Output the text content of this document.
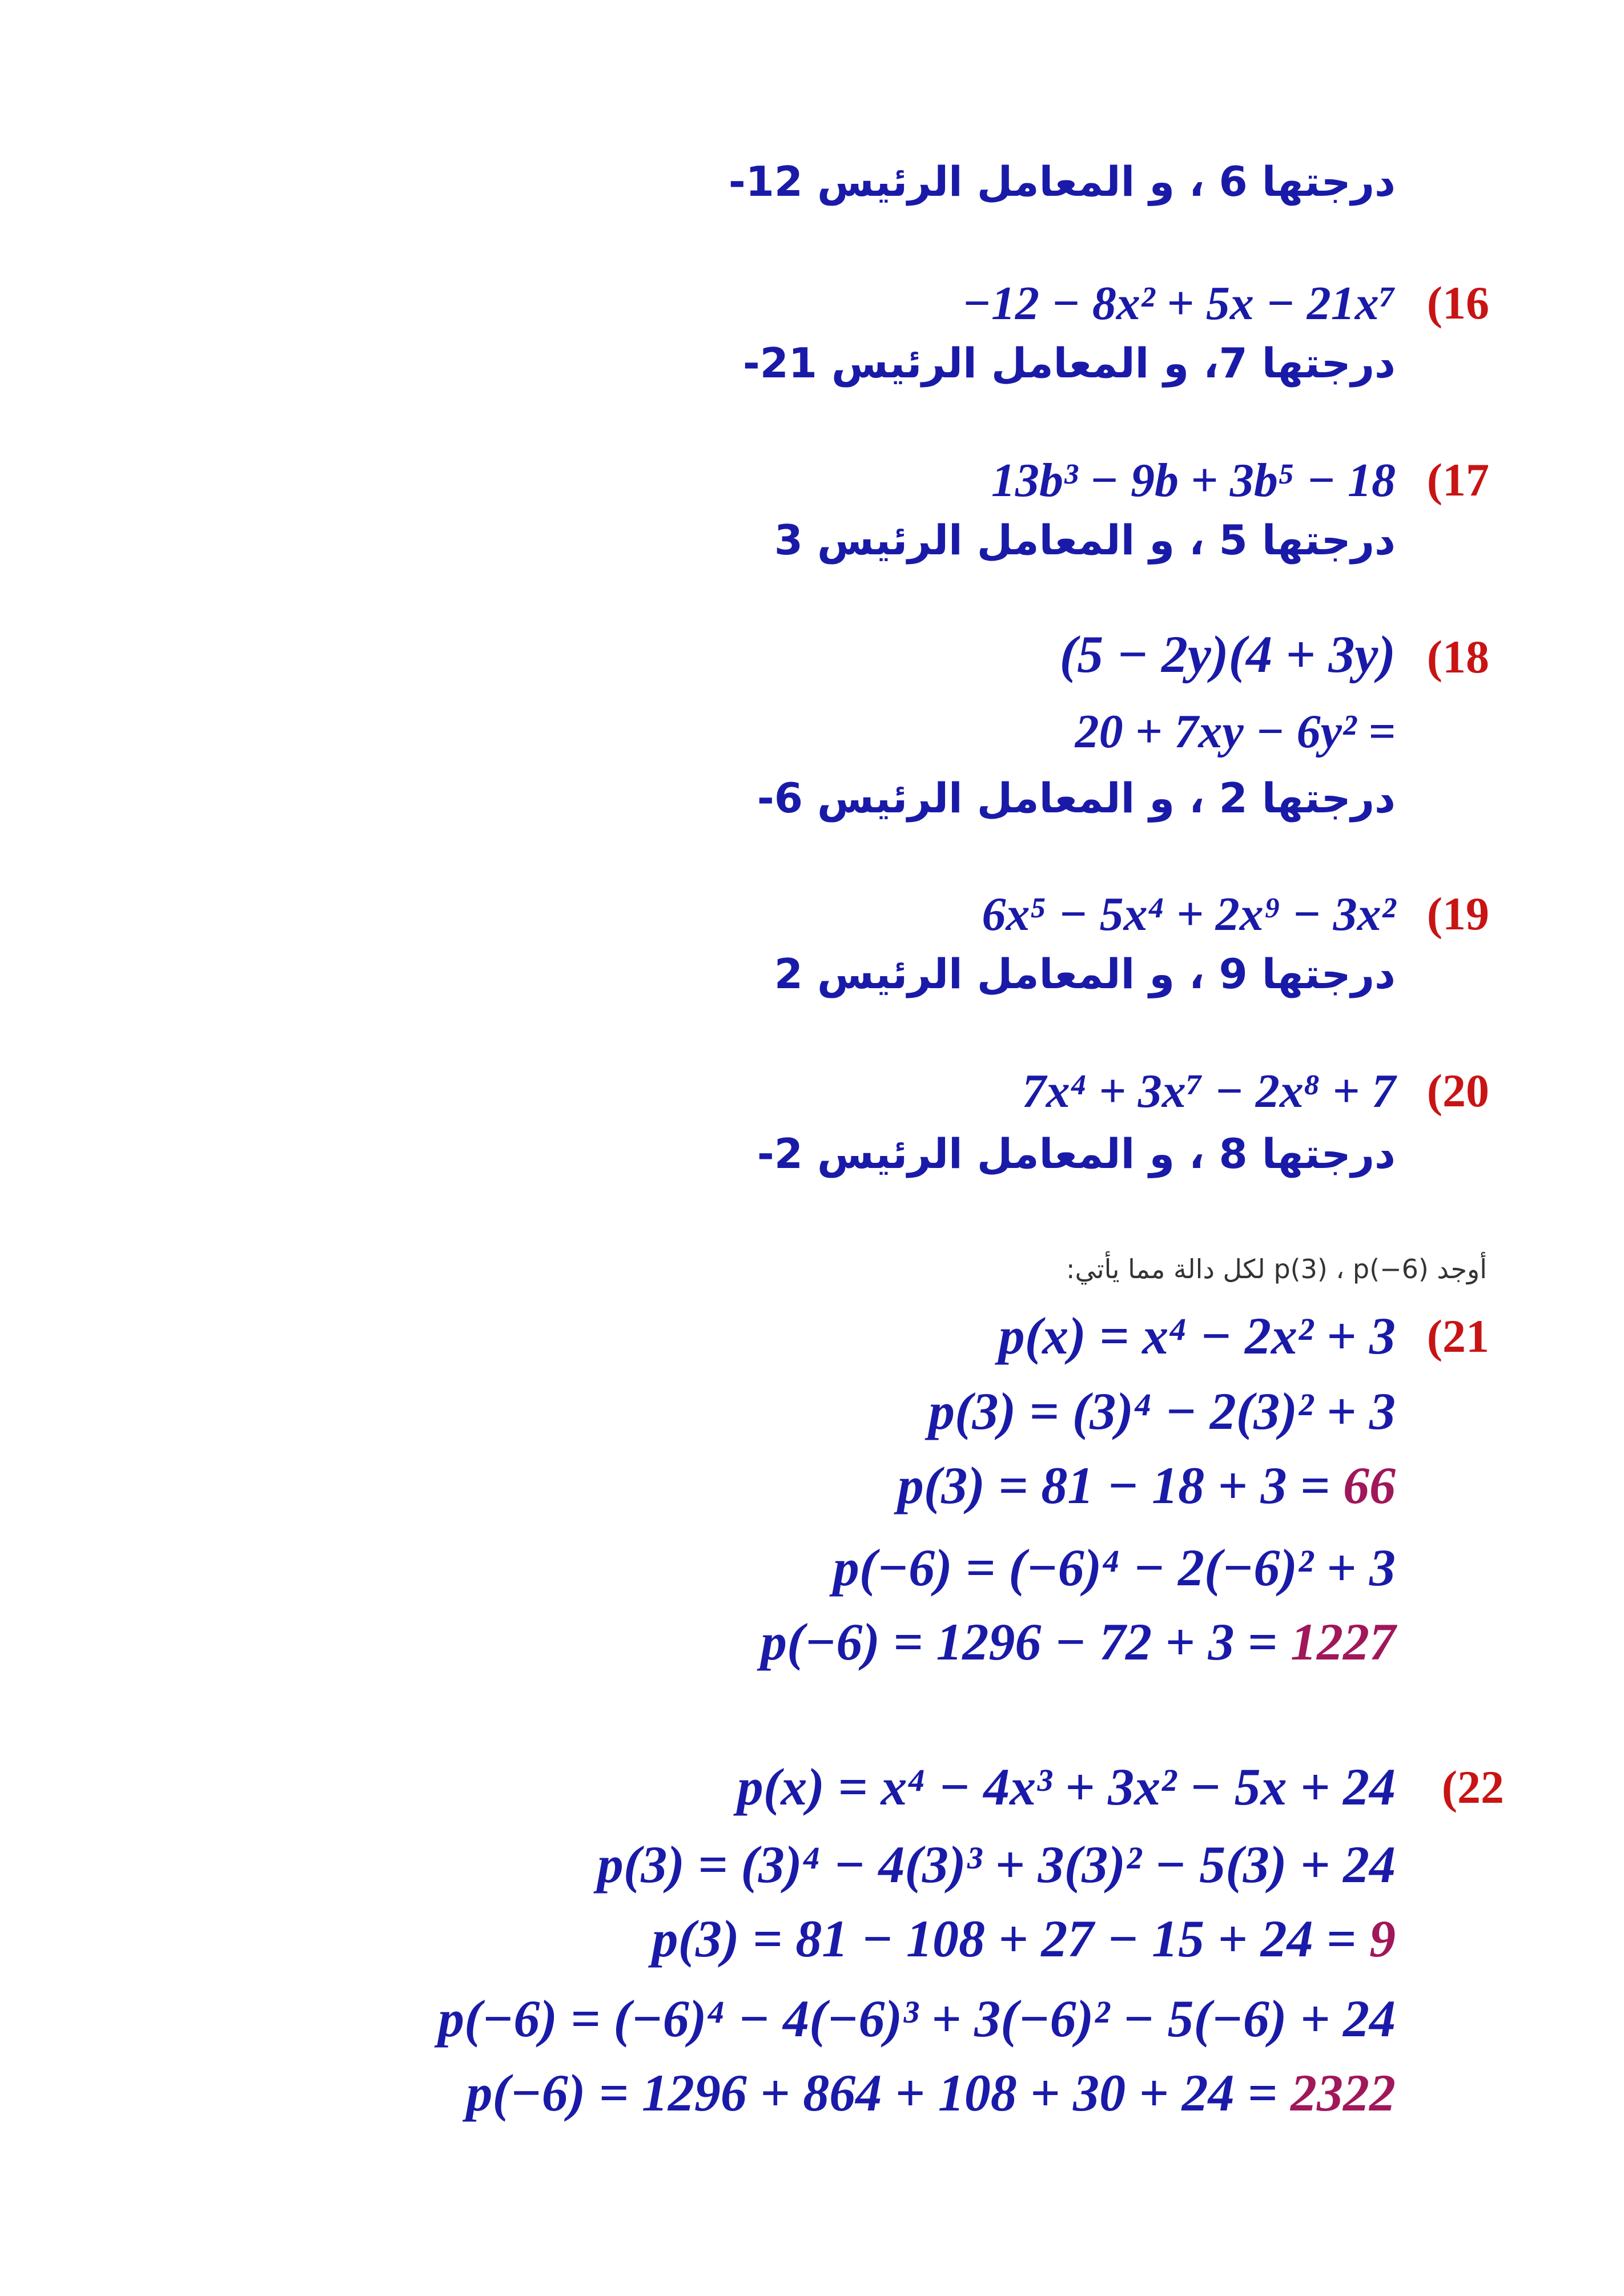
درجتها 6 ، و المعامل الرئيس 12-
(16
−12 − 8x² + 5x − 21x⁷
درجتها 7، و المعامل الرئيس 21-
(17
13b³ − 9b + 3b⁵ − 18
درجتها 5 ، و المعامل الرئيس 3
(18
(5 − 2y)(4 + 3y)
20 + 7xy − 6y² =
درجتها 2 ، و المعامل الرئيس 6-
(19
6x⁵ − 5x⁴ + 2x⁹ − 3x²
درجتها 9 ، و المعامل الرئيس 2
(20
7x⁴ + 3x⁷ − 2x⁸ + 7
درجتها 8 ، و المعامل الرئيس 2-
أوجد p(3) ، p(−6) لكل دالة مما يأتي:
(21
p(x) = x⁴ − 2x² + 3
p(3) = (3)⁴ − 2(3)² + 3
p(3) = 81 − 18 + 3 = 66
p(−6) = (−6)⁴ − 2(−6)² + 3
p(−6) = 1296 − 72 + 3 = 1227
(22
p(x) = x⁴ − 4x³ + 3x² − 5x + 24
p(3) = (3)⁴ − 4(3)³ + 3(3)² − 5(3) + 24
p(3) = 81 − 108 + 27 − 15 + 24 = 9
p(−6) = (−6)⁴ − 4(−6)³ + 3(−6)² − 5(−6) + 24
p(−6) = 1296 + 864 + 108 + 30 + 24 = 2322
